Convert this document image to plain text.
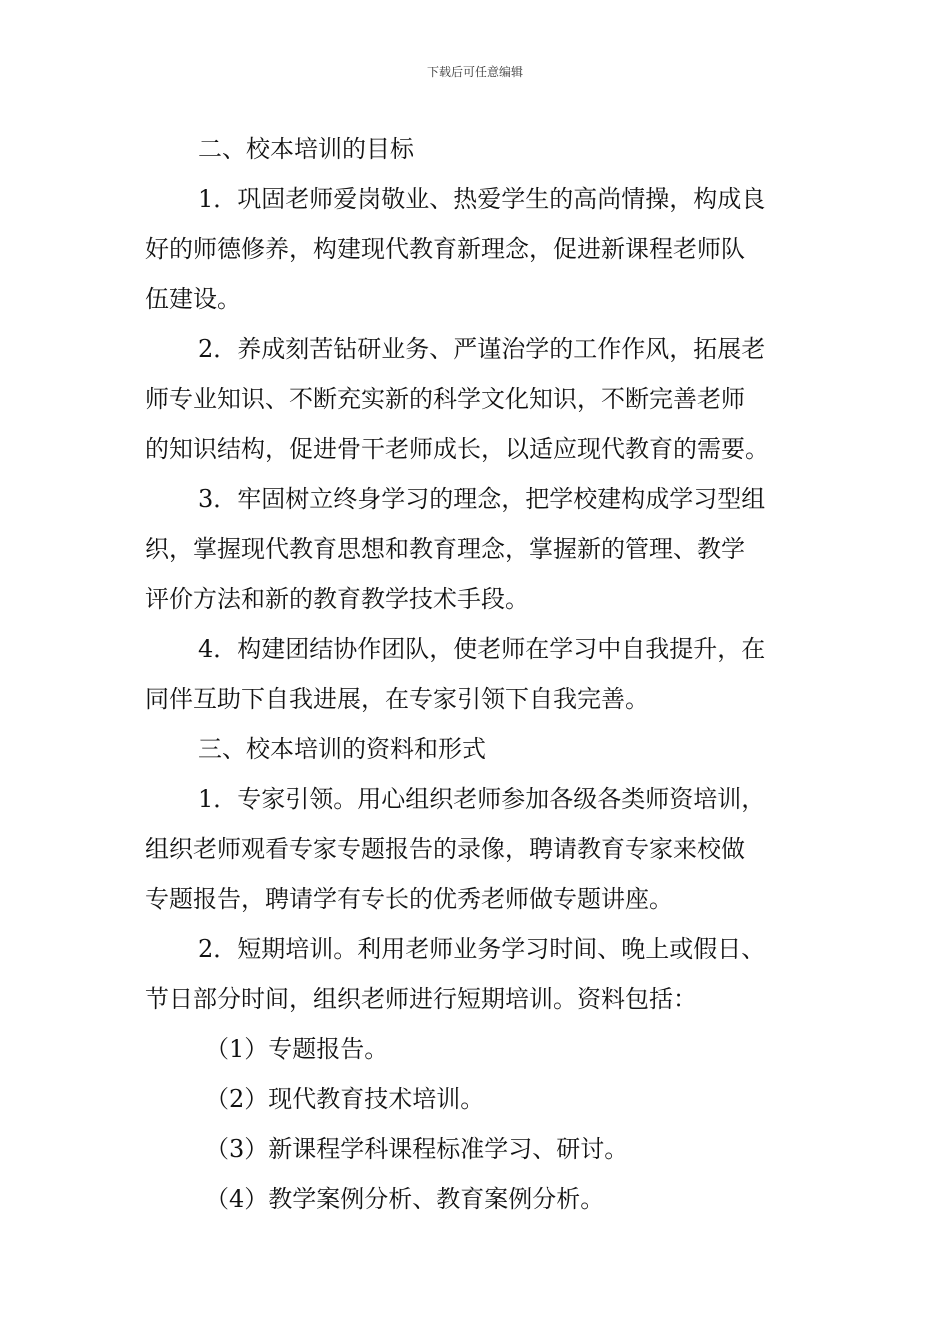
下载后可任意编辑
二、校本培训的目标
1．巩固老师爱岗敬业、热爱学生的高尚情操，构成良
好的师德修养，构建现代教育新理念，促进新课程老师队
伍建设。
2．养成刻苦钻研业务、严谨治学的工作作风，拓展老
师专业知识、不断充实新的科学文化知识，不断完善老师
的知识结构，促进骨干老师成长，以适应现代教育的需要。
3．牢固树立终身学习的理念，把学校建构成学习型组
织，掌握现代教育思想和教育理念，掌握新的管理、教学
评价方法和新的教育教学技术手段。
4．构建团结协作团队，使老师在学习中自我提升，在
同伴互助下自我进展，在专家引领下自我完善。
三、校本培训的资料和形式
1．专家引领。用心组织老师参加各级各类师资培训，
组织老师观看专家专题报告的录像，聘请教育专家来校做
专题报告，聘请学有专长的优秀老师做专题讲座。
2．短期培训。利用老师业务学习时间、晚上或假日、
节日部分时间，组织老师进行短期培训。资料包括：
（1）专题报告。
（2）现代教育技术培训。
（3）新课程学科课程标准学习、研讨。
（4）教学案例分析、教育案例分析。
